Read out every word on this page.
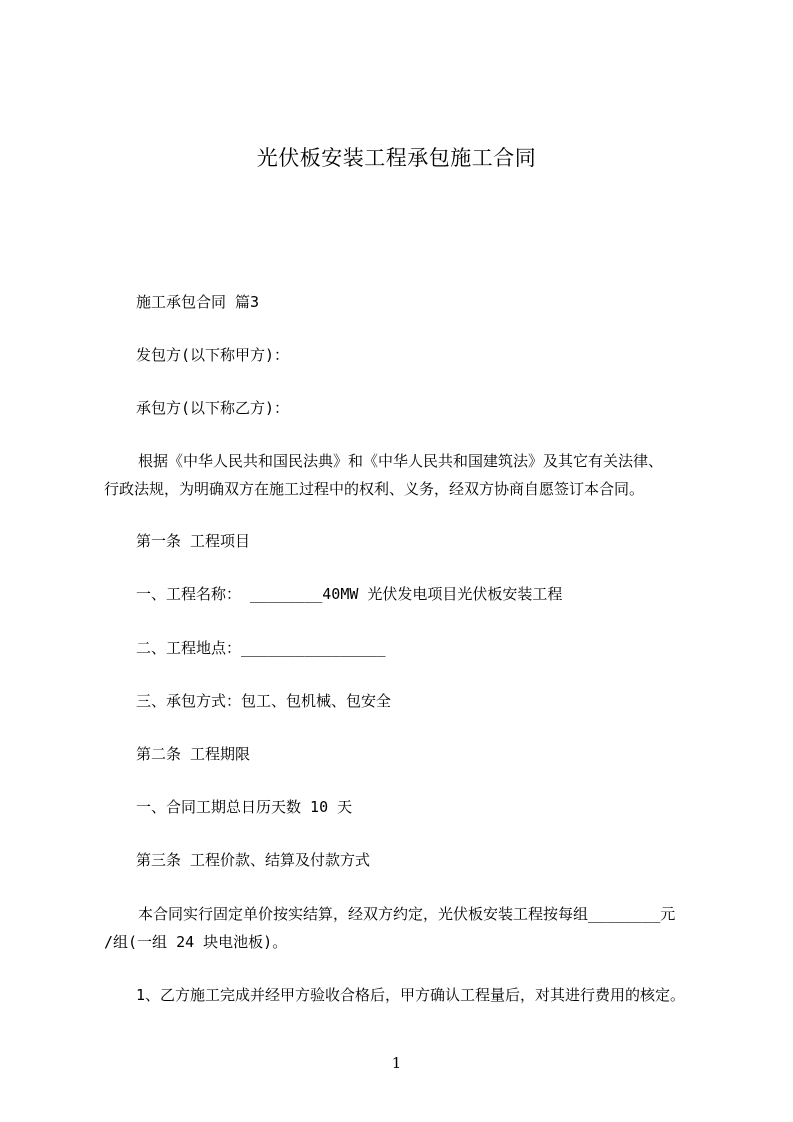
光伏板安装工程承包施工合同
施工承包合同 篇3
发包方(以下称甲方)：
承包方(以下称乙方)：
根据《中华人民共和国民法典》和《中华人民共和国建筑法》及其它有关法律、
行政法规，为明确双方在施工过程中的权利、义务，经双方协商自愿签订本合同。
第一条 工程项目
一、工程名称： ________40MW 光伏发电项目光伏板安装工程
二、工程地点：________________
三、承包方式：包工、包机械、包安全
第二条 工程期限
一、合同工期总日历天数 10 天
第三条 工程价款、结算及付款方式
本合同实行固定单价按实结算，经双方约定，光伏板安装工程按每组________元
/组(一组 24 块电池板)。
1、乙方施工完成并经甲方验收合格后，甲方确认工程量后，对其进行费用的核定。
1
